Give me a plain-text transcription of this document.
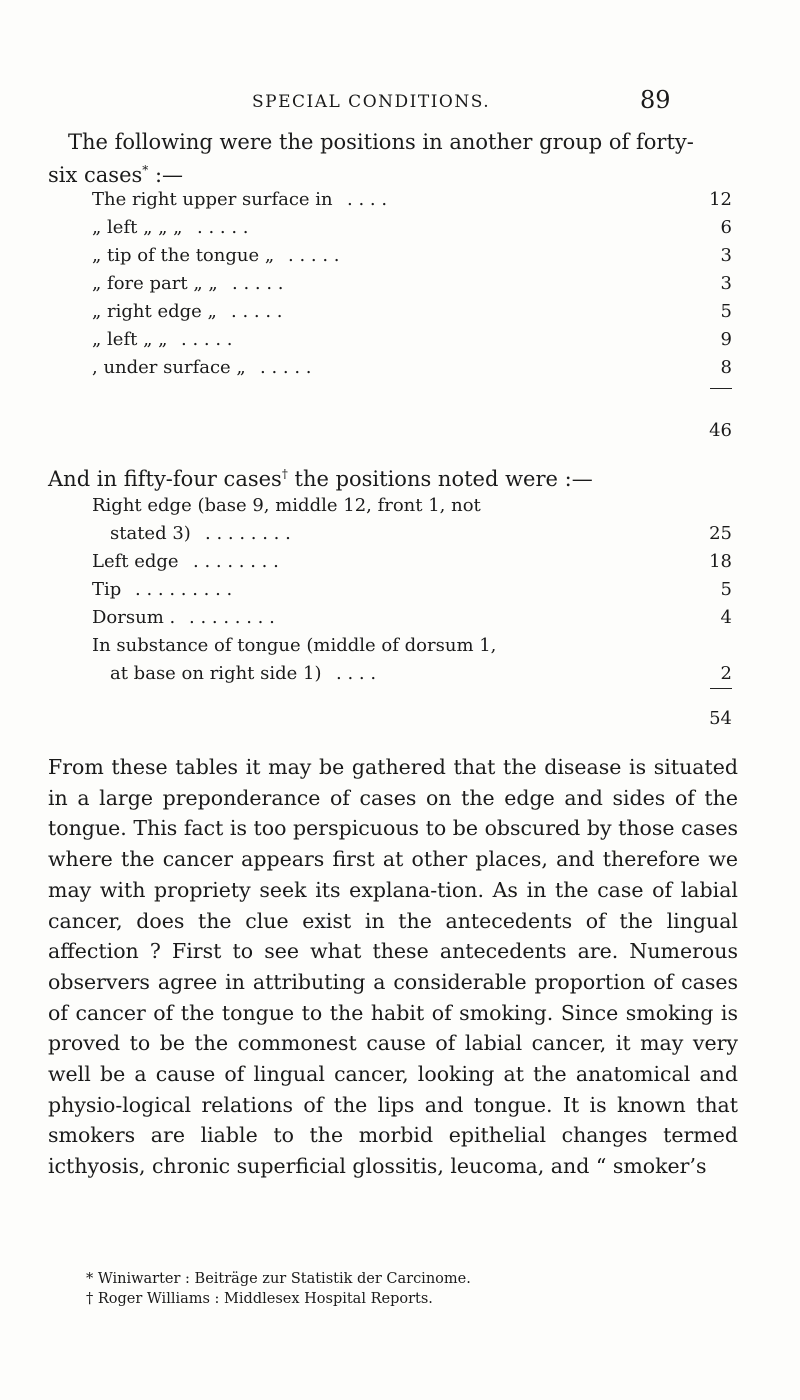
SPECIAL CONDITIONS.	89
The following were the positions in another group of forty-
six cases* :—
The right upper surface in . . . .	12
„ left „ „ „ . . . . .	6
„ tip of the tongue „ . . . . .	3
„ fore part „ „ . . . . .	3
„ right edge „ . . . . .	5
„ left „ „ . . . . .	9
, under surface „ . . . . .	8
46
And in fifty-four cases† the positions noted were :—
Right edge (base 9, middle 12, front 1, not
stated 3) . . . . . . . .	25
Left edge . . . . . . . .	18
Tip . . . . . . . . .	5
Dorsum . . . . . . . . .	4
In substance of tongue (middle of dorsum 1,
at base on right side 1) . . . .	2
54
From these tables it may be gathered that the disease is situated in a large preponderance of cases on the edge and sides of the tongue. This fact is too perspicuous to be obscured by those cases where the cancer appears first at other places, and therefore we may with propriety seek its explana-tion. As in the case of labial cancer, does the clue exist in the antecedents of the lingual affection ? First to see what these antecedents are. Numerous observers agree in attributing a considerable proportion of cases of cancer of the tongue to the habit of smoking. Since smoking is proved to be the commonest cause of labial cancer, it may very well be a cause of lingual cancer, looking at the anatomical and physio-logical relations of the lips and tongue. It is known that smokers are liable to the morbid epithelial changes termed icthyosis, chronic superficial glossitis, leucoma, and “ smoker’s
* Winiwarter : Beiträge zur Statistik der Carcinome.
† Roger Williams : Middlesex Hospital Reports.
